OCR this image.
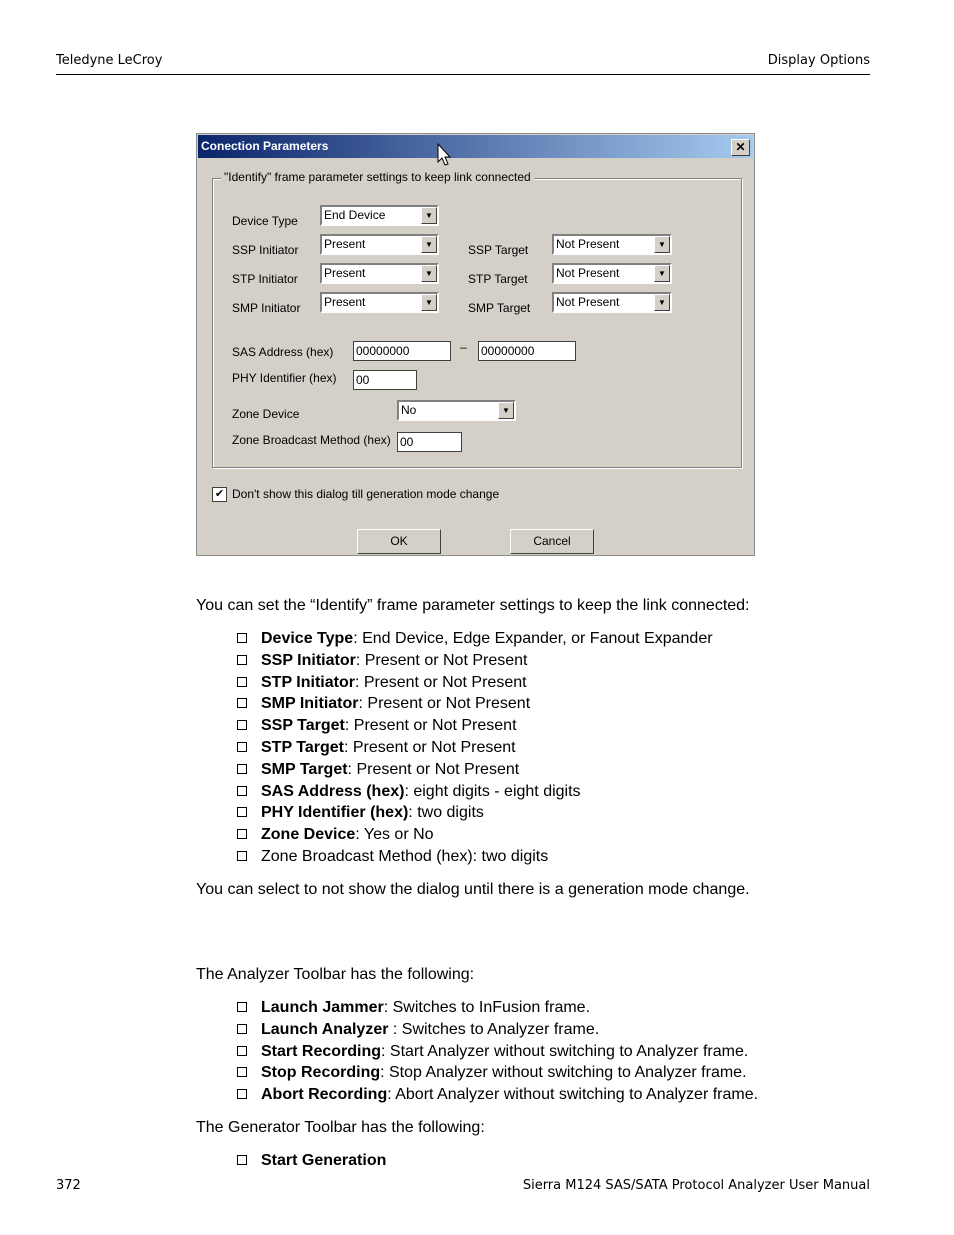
Teledyne LeCroy	Display Options
Conection Parameters	✕
"Identify" frame parameter settings to keep link connected
Device Type	End Device	▼
SSP Initiator	Present	▼
STP Initiator	Present	▼
SMP Initiator	Present	▼
SSP Target	Not Present	▼
STP Target	Not Present	▼
SMP Target	Not Present	▼
SAS Address (hex) 00000000	– 00000000
PHY Identifier (hex) 00
Zone Device	No	▼
Zone Broadcast Method (hex) 00
✔ Don't show this dialog till generation mode change
OK	Cancel
You can set the “Identify” frame parameter settings to keep the link connected:
Device Type: End Device, Edge Expander, or Fanout Expander
SSP Initiator: Present or Not Present
STP Initiator: Present or Not Present
SMP Initiator: Present or Not Present
SSP Target: Present or Not Present
STP Target: Present or Not Present
SMP Target: Present or Not Present
SAS Address (hex): eight digits - eight digits
PHY Identifier (hex): two digits
Zone Device: Yes or No
Zone Broadcast Method (hex): two digits
You can select to not show the dialog until there is a generation mode change.
The Analyzer Toolbar has the following:
Launch Jammer: Switches to InFusion frame.
Launch Analyzer : Switches to Analyzer frame.
Start Recording: Start Analyzer without switching to Analyzer frame.
Stop Recording: Stop Analyzer without switching to Analyzer frame.
Abort Recording: Abort Analyzer without switching to Analyzer frame.
The Generator Toolbar has the following:
Start Generation
372	Sierra M124 SAS/SATA Protocol Analyzer User Manual
